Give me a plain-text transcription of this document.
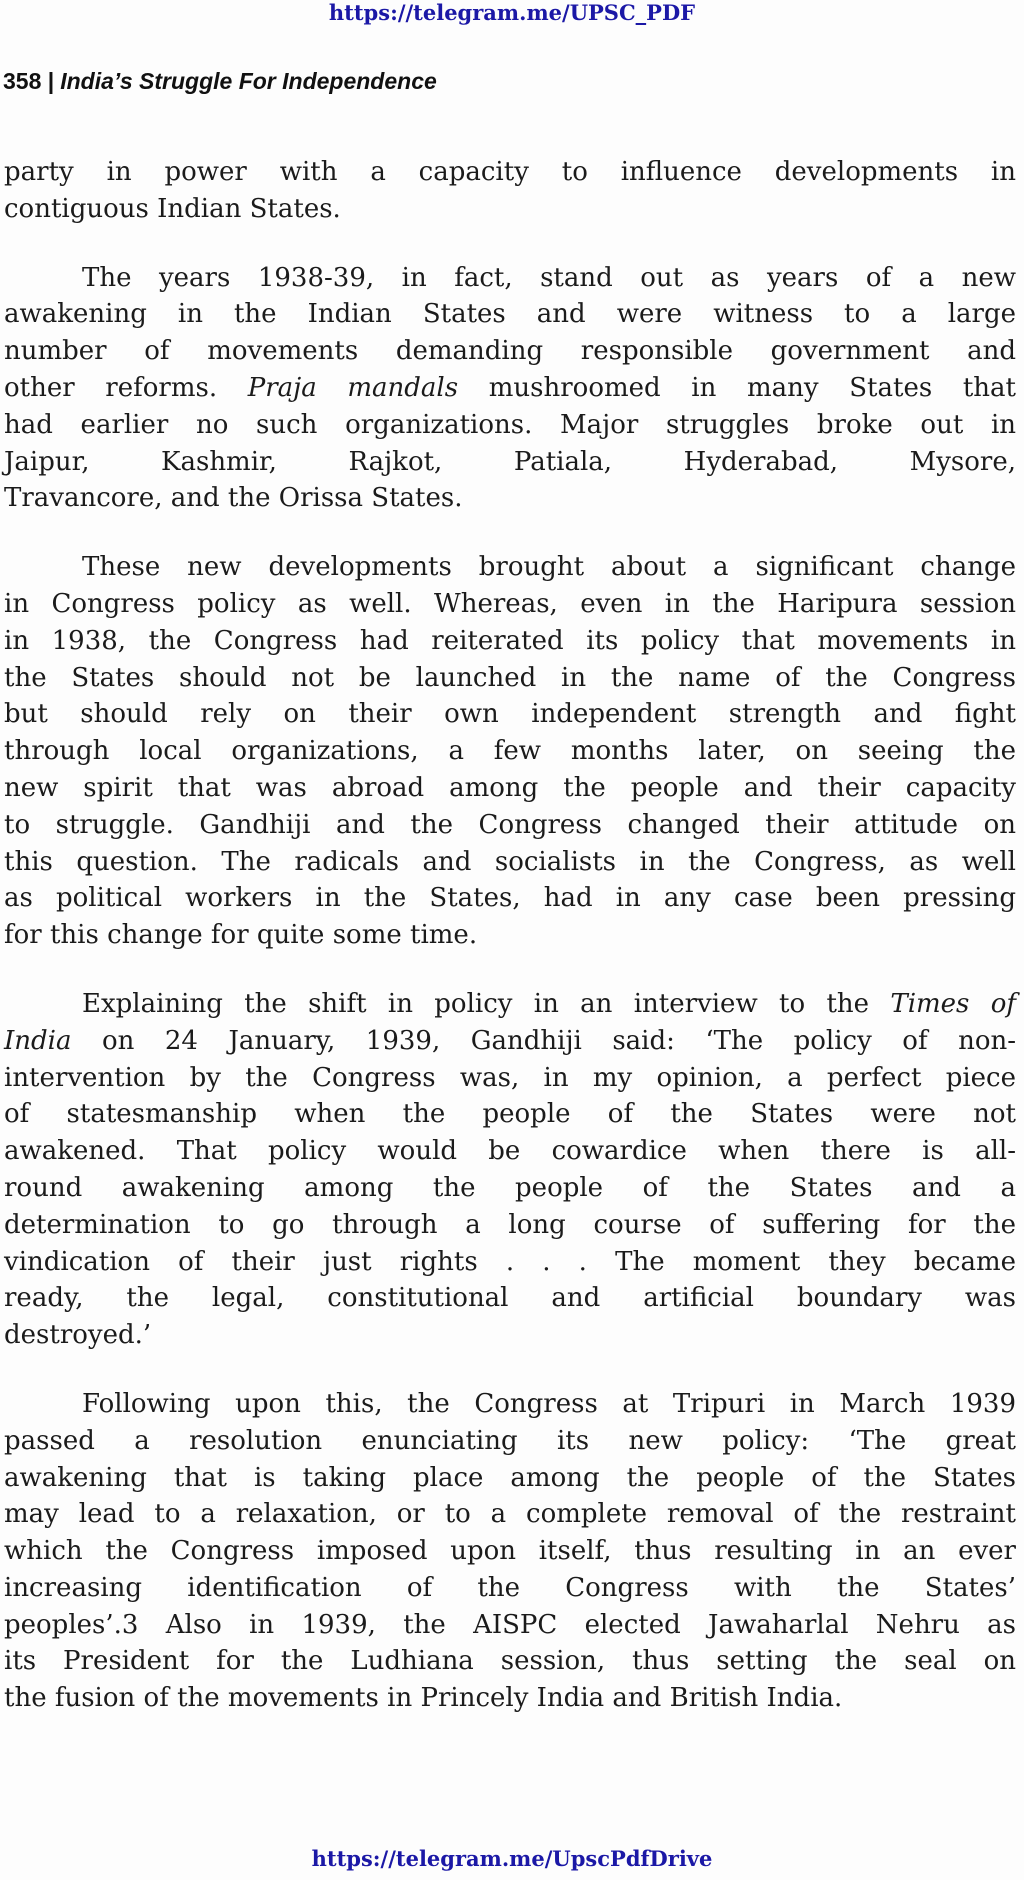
https://telegram.me/UPSC_PDF
358 | India’s Struggle For Independence
party in power with a capacity to influence developments in
contiguous Indian States.
The years 1938-39, in fact, stand out as years of a new
awakening in the Indian States and were witness to a large
number of movements demanding responsible government and
other reforms. Praja mandals mushroomed in many States that
had earlier no such organizations. Major struggles broke out in
Jaipur, Kashmir, Rajkot, Patiala, Hyderabad, Mysore,
Travancore, and the Orissa States.
These new developments brought about a significant change
in Congress policy as well. Whereas, even in the Haripura session
in 1938, the Congress had reiterated its policy that movements in
the States should not be launched in the name of the Congress
but should rely on their own independent strength and fight
through local organizations, a few months later, on seeing the
new spirit that was abroad among the people and their capacity
to struggle. Gandhiji and the Congress changed their attitude on
this question. The radicals and socialists in the Congress, as well
as political workers in the States, had in any case been pressing
for this change for quite some time.
Explaining the shift in policy in an interview to the Times of
India on 24 January, 1939, Gandhiji said: ‘The policy of non-
intervention by the Congress was, in my opinion, a perfect piece
of statesmanship when the people of the States were not
awakened. That policy would be cowardice when there is all-
round awakening among the people of the States and a
determination to go through a long course of suffering for the
vindication of their just rights . . . The moment they became
ready, the legal, constitutional and artificial boundary was
destroyed.’
Following upon this, the Congress at Tripuri in March 1939
passed a resolution enunciating its new policy: ‘The great
awakening that is taking place among the people of the States
may lead to a relaxation, or to a complete removal of the restraint
which the Congress imposed upon itself, thus resulting in an ever
increasing identification of the Congress with the States’
peoples’.3 Also in 1939, the AISPC elected Jawaharlal Nehru as
its President for the Ludhiana session, thus setting the seal on
the fusion of the movements in Princely India and British India.
https://telegram.me/UpscPdfDrive
